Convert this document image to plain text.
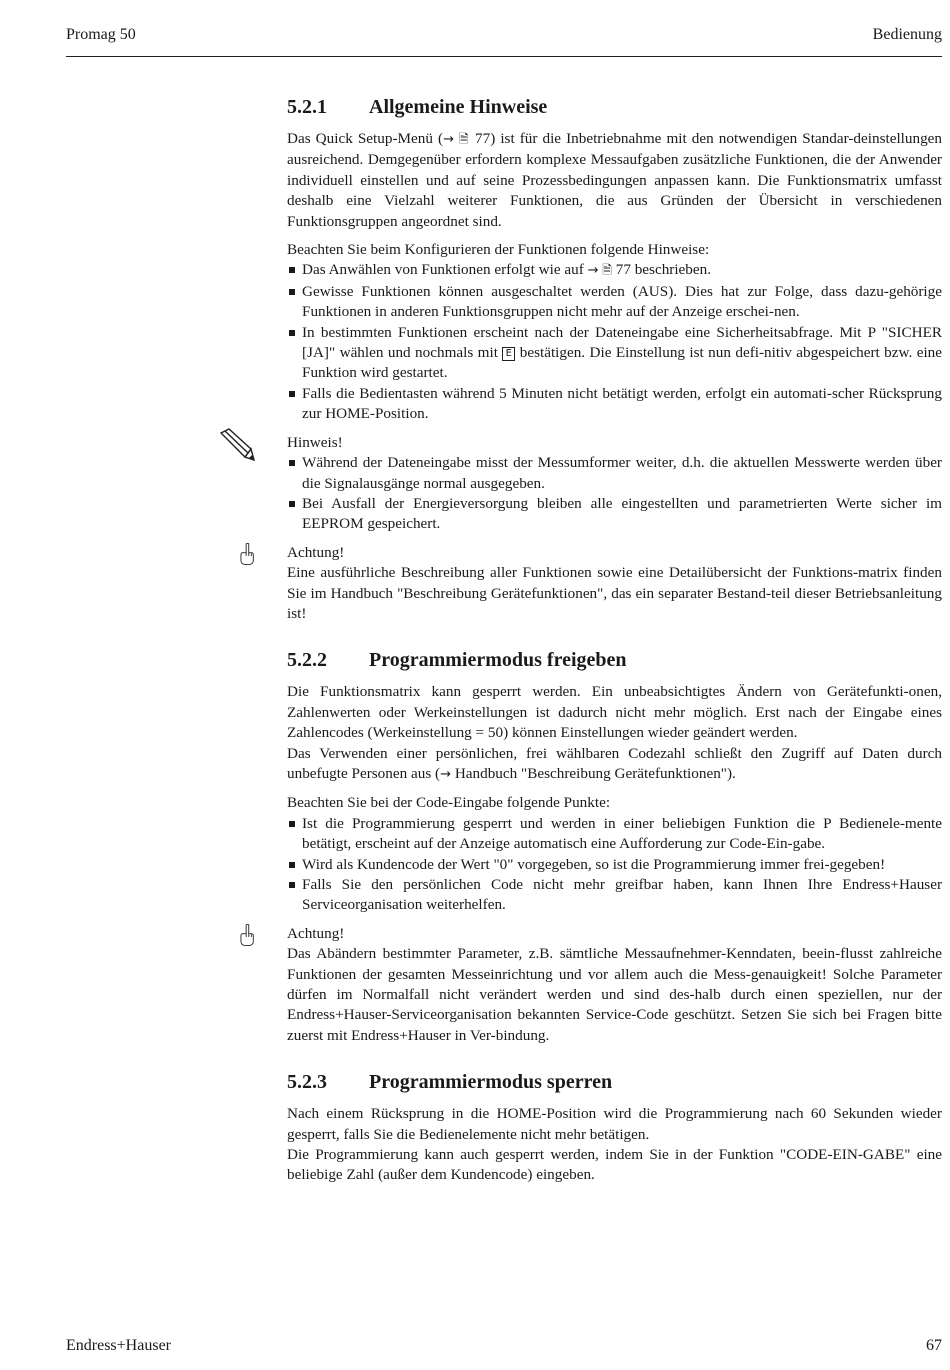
Promag 50	Bedienung
5.2.1	Allgemeine Hinweise

Das Quick Setup-Menü (→ 🗎 77) ist für die Inbetriebnahme mit den notwendigen Standar-deinstellungen ausreichend. Demgegenüber erfordern komplexe Messaufgaben zusätzliche Funktionen, die der Anwender individuell einstellen und auf seine Prozessbedingungen anpassen kann. Die Funktionsmatrix umfasst deshalb eine Vielzahl weiterer Funktionen, die aus Gründen der Übersicht in verschiedenen Funktionsgruppen angeordnet sind.

Beachten Sie beim Konfigurieren der Funktionen folgende Hinweise:

Das Anwählen von Funktionen erfolgt wie auf → 🗎 77 beschrieben.
Gewisse Funktionen können ausgeschaltet werden (AUS). Dies hat zur Folge, dass dazu-gehörige Funktionen in anderen Funktionsgruppen nicht mehr auf der Anzeige erschei-nen.
In bestimmten Funktionen erscheint nach der Dateneingabe eine Sicherheitsabfrage. Mit P "SICHER [JA]" wählen und nochmals mit E bestätigen. Die Einstellung ist nun defi-nitiv abgespeichert bzw. eine Funktion wird gestartet.
Falls die Bedientasten während 5 Minuten nicht betätigt werden, erfolgt ein automati-scher Rücksprung zur HOME-Position.

Hinweis!

Während der Dateneingabe misst der Messumformer weiter, d.h. die aktuellen Messwerte werden über die Signalausgänge normal ausgegeben.
Bei Ausfall der Energieversorgung bleiben alle eingestellten und parametrierten Werte sicher im EEPROM gespeichert.

Achtung!

Eine ausführliche Beschreibung aller Funktionen sowie eine Detailübersicht der Funktions-matrix finden Sie im Handbuch "Beschreibung Gerätefunktionen", das ein separater Bestand-teil dieser Betriebsanleitung ist!

5.2.2	Programmiermodus freigeben

Die Funktionsmatrix kann gesperrt werden. Ein unbeabsichtigtes Ändern von Gerätefunkti-onen, Zahlenwerten oder Werkeinstellungen ist dadurch nicht mehr möglich. Erst nach der Eingabe eines Zahlencodes (Werkeinstellung = 50) können Einstellungen wieder geändert werden.

Das Verwenden einer persönlichen, frei wählbaren Codezahl schließt den Zugriff auf Daten durch unbefugte Personen aus (→ Handbuch "Beschreibung Gerätefunktionen").

Beachten Sie bei der Code-Eingabe folgende Punkte:

Ist die Programmierung gesperrt und werden in einer beliebigen Funktion die P Bedienele-mente betätigt, erscheint auf der Anzeige automatisch eine Aufforderung zur Code-Ein-gabe.
Wird als Kundencode der Wert "0" vorgegeben, so ist die Programmierung immer frei-gegeben!
Falls Sie den persönlichen Code nicht mehr greifbar haben, kann Ihnen Ihre Endress+Hauser Serviceorganisation weiterhelfen.

Achtung!

Das Abändern bestimmter Parameter, z.B. sämtliche Messaufnehmer-Kenndaten, beein-flusst zahlreiche Funktionen der gesamten Messeinrichtung und vor allem auch die Mess-genauigkeit! Solche Parameter dürfen im Normalfall nicht verändert werden und sind des-halb durch einen speziellen, nur der Endress+Hauser-Serviceorganisation bekannten Service-Code geschützt. Setzen Sie sich bei Fragen bitte zuerst mit Endress+Hauser in Ver-bindung.

5.2.3	Programmiermodus sperren

Nach einem Rücksprung in die HOME-Position wird die Programmierung nach 60 Sekunden wieder gesperrt, falls Sie die Bedienelemente nicht mehr betätigen.

Die Programmierung kann auch gesperrt werden, indem Sie in der Funktion "CODE-EIN-GABE" eine beliebige Zahl (außer dem Kundencode) eingeben.

Endress+Hauser	67
